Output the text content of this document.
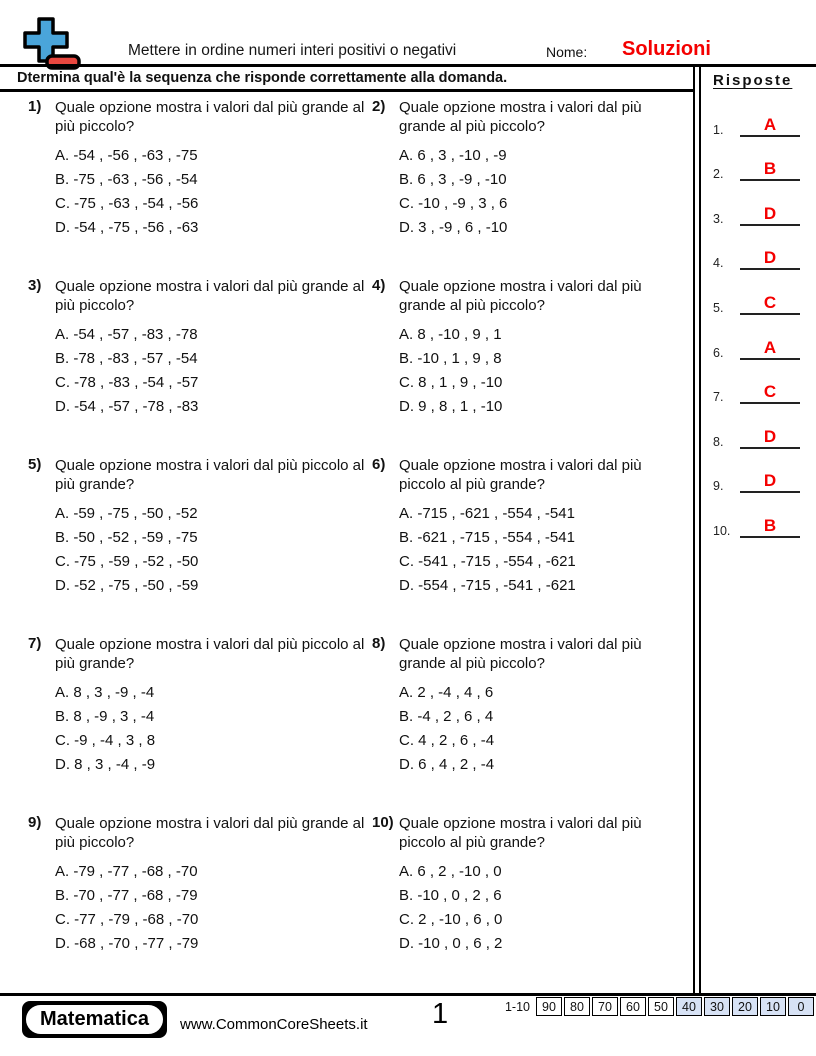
Mettere in ordine numeri interi positivi o negativi	Nome: Soluzioni
Dtermina qual'è la sequenza che risponde correttamente alla domanda.
1) Quale opzione mostra i valori dal più grande al più piccolo?
A. -54 , -56 , -63 , -75
B. -75 , -63 , -56 , -54
C. -75 , -63 , -54 , -56
D. -54 , -75 , -56 , -63
2) Quale opzione mostra i valori dal più grande al più piccolo?
A. 6 , 3 , -10 , -9
B. 6 , 3 , -9 , -10
C. -10 , -9 , 3 , 6
D. 3 , -9 , 6 , -10
3) Quale opzione mostra i valori dal più grande al più piccolo?
A. -54 , -57 , -83 , -78
B. -78 , -83 , -57 , -54
C. -78 , -83 , -54 , -57
D. -54 , -57 , -78 , -83
4) Quale opzione mostra i valori dal più grande al più piccolo?
A. 8 , -10 , 9 , 1
B. -10 , 1 , 9 , 8
C. 8 , 1 , 9 , -10
D. 9 , 8 , 1 , -10
5) Quale opzione mostra i valori dal più piccolo al più grande?
A. -59 , -75 , -50 , -52
B. -50 , -52 , -59 , -75
C. -75 , -59 , -52 , -50
D. -52 , -75 , -50 , -59
6) Quale opzione mostra i valori dal più piccolo al più grande?
A. -715 , -621 , -554 , -541
B. -621 , -715 , -554 , -541
C. -541 , -715 , -554 , -621
D. -554 , -715 , -541 , -621
7) Quale opzione mostra i valori dal più piccolo al più grande?
A. 8 , 3 , -9 , -4
B. 8 , -9 , 3 , -4
C. -9 , -4 , 3 , 8
D. 8 , 3 , -4 , -9
8) Quale opzione mostra i valori dal più grande al più piccolo?
A. 2 , -4 , 4 , 6
B. -4 , 2 , 6 , 4
C. 4 , 2 , 6 , -4
D. 6 , 4 , 2 , -4
9) Quale opzione mostra i valori dal più grande al più piccolo?
A. -79 , -77 , -68 , -70
B. -70 , -77 , -68 , -79
C. -77 , -79 , -68 , -70
D. -68 , -70 , -77 , -79
10) Quale opzione mostra i valori dal più piccolo al più grande?
A. 6 , 2 , -10 , 0
B. -10 , 0 , 2 , 6
C. 2 , -10 , 6 , 0
D. -10 , 0 , 6 , 2
Risposte
1.	A
2.	B
3.	D
4.	D
5.	C
6.	A
7.	C
8.	D
9.	D
10.	B
Matematica	www.CommonCoreSheets.it 1	1-10 90	80	70	60	50	40	30	20	10	0
